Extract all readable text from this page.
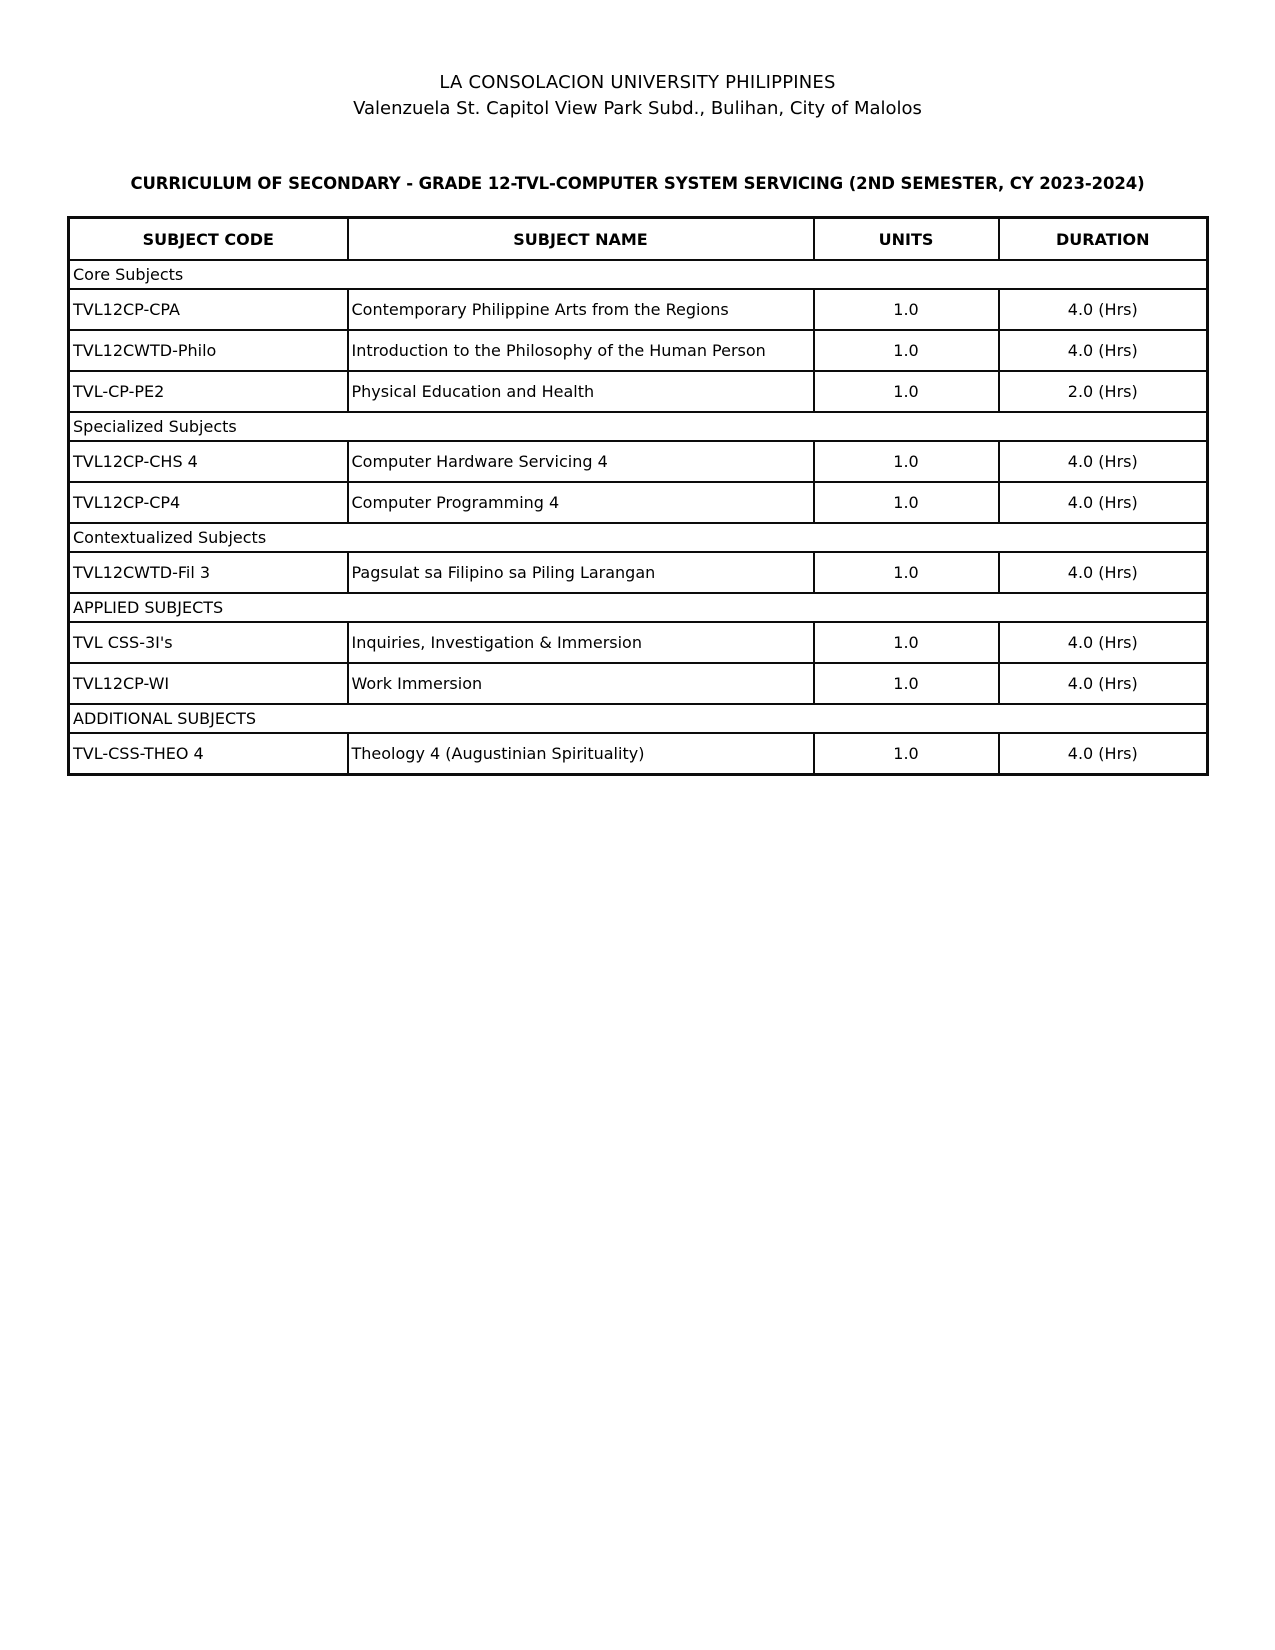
LA CONSOLACION UNIVERSITY PHILIPPINES
Valenzuela St. Capitol View Park Subd., Bulihan, City of Malolos
CURRICULUM OF SECONDARY - GRADE 12-TVL-COMPUTER SYSTEM SERVICING (2ND SEMESTER, CY 2023-2024)
SUBJECT CODE	SUBJECT NAME	UNITS	DURATION
Core Subjects			
TVL12CP-CPA	Contemporary Philippine Arts from the Regions	1.0	4.0 (Hrs)
TVL12CWTD-Philo	Introduction to the Philosophy of the Human Person	1.0	4.0 (Hrs)
TVL-CP-PE2	Physical Education and Health	1.0	2.0 (Hrs)
Specialized Subjects			
TVL12CP-CHS 4	Computer Hardware Servicing 4	1.0	4.0 (Hrs)
TVL12CP-CP4	Computer Programming 4	1.0	4.0 (Hrs)
Contextualized Subjects			
TVL12CWTD-Fil 3	Pagsulat sa Filipino sa Piling Larangan	1.0	4.0 (Hrs)
APPLIED SUBJECTS			
TVL CSS-3I's	Inquiries, Investigation & Immersion	1.0	4.0 (Hrs)
TVL12CP-WI	Work Immersion	1.0	4.0 (Hrs)
ADDITIONAL SUBJECTS			
TVL-CSS-THEO 4	Theology 4 (Augustinian Spirituality)	1.0	4.0 (Hrs)
